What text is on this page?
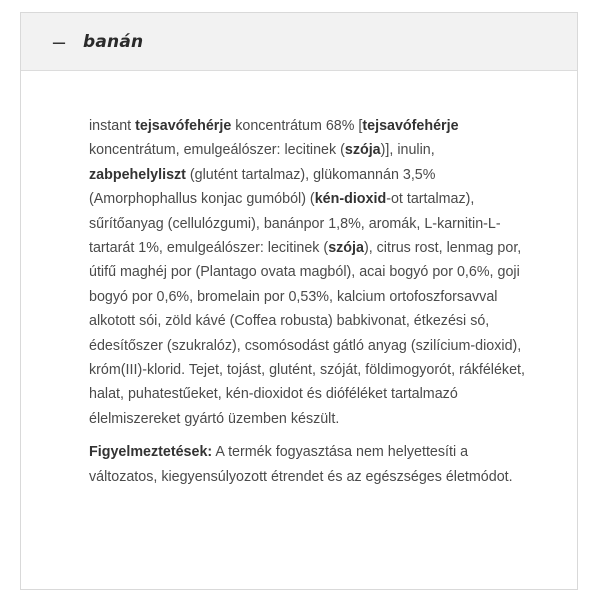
– banán

instant tejsavófehérje koncentrátum 68% [tejsavófehérje koncentrátum, emulgeálószer: lecitinek (szója)], inulin, zabpehelyliszt (glutént tartalmaz), glükomannán 3,5% (Amorphophallus konjac gumóból) (kén-dioxid-ot tartalmaz), sűrítőanyag (cellulózgumi), banánpor 1,8%, aromák, L-karnitin-L-tartarát 1%, emulgeálószer: lecitinek (szója), citrus rost, lenmag por, útifű maghéj por (Plantago ovata magból), acai bogyó por 0,6%, goji bogyó por 0,6%, bromelain por 0,53%, kalcium ortofoszforsavval alkotott sói, zöld kávé (Coffea robusta) babkivonat, étkezési só, édesítőszer (szukralóz), csomósodást gátló anyag (szilícium-dioxid), króm(III)-klorid. Tejet, tojást, glutént, szóját, földimogyorót, rákféléket, halat, puhatestűeket, kén-dioxidot és dióféléket tartalmazó élelmiszereket gyártó üzemben készült.

Figyelmeztetések: A termék fogyasztása nem helyettesíti a változatos, kiegyensúlyozott étrendet és az egészséges életmódot.
